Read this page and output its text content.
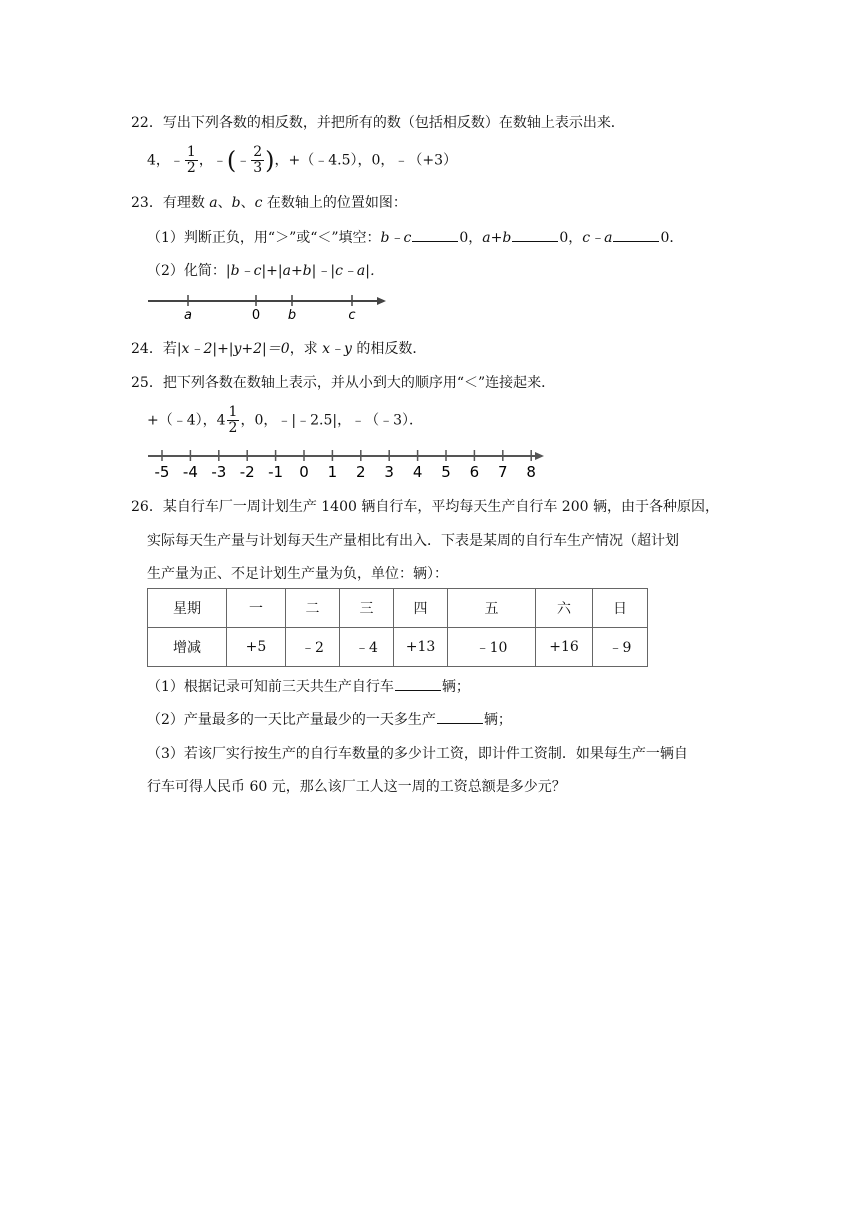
22．写出下列各数的相反数，并把所有的数（包括相反数）在数轴上表示出来．
4，﹣ $\frac{1}{2}$ ，﹣(﹣ $\frac{2}{3}$ )，+（﹣4.5），0，﹣（+3）
23．有理数 a、b、c 在数轴上的位置如图：
（1）判断正负，用“＞”或“＜”填空：b﹣c	0，a+b	0，c﹣a	0．
（2）化简：|b﹣c|+|a+b|﹣|c﹣a|．
a	0 b	c
24．若|x﹣2|+|y+2|＝0，求 x﹣y 的相反数．
25．把下列各数在数轴上表示，并从小到大的顺序用“＜”连接起来．
+（﹣4），$4 \frac{1}{2}$ ，0，﹣|﹣2.5|，﹣（﹣3）．
-5 -4 -3 -2 -1 0 1 2 3 4 5 6 7 8
26．某自行车厂一周计划生产 1400 辆自行车，平均每天生产自行车 200 辆，由于各种原因，
实际每天生产量与计划每天生产量相比有出入．下表是某周的自行车生产情况（超计划
生产量为正、不足计划生产量为负，单位：辆）：
星期	一	二	三	四	五	六	日
增减	+5	﹣2	﹣4	+13	﹣10	+16	﹣9
（1）根据记录可知前三天共生产自行车	辆；
（2）产量最多的一天比产量最少的一天多生产	辆；
（3）若该厂实行按生产的自行车数量的多少计工资，即计件工资制．如果每生产一辆自
行车可得人民币 60 元，那么该厂工人这一周的工资总额是多少元？
